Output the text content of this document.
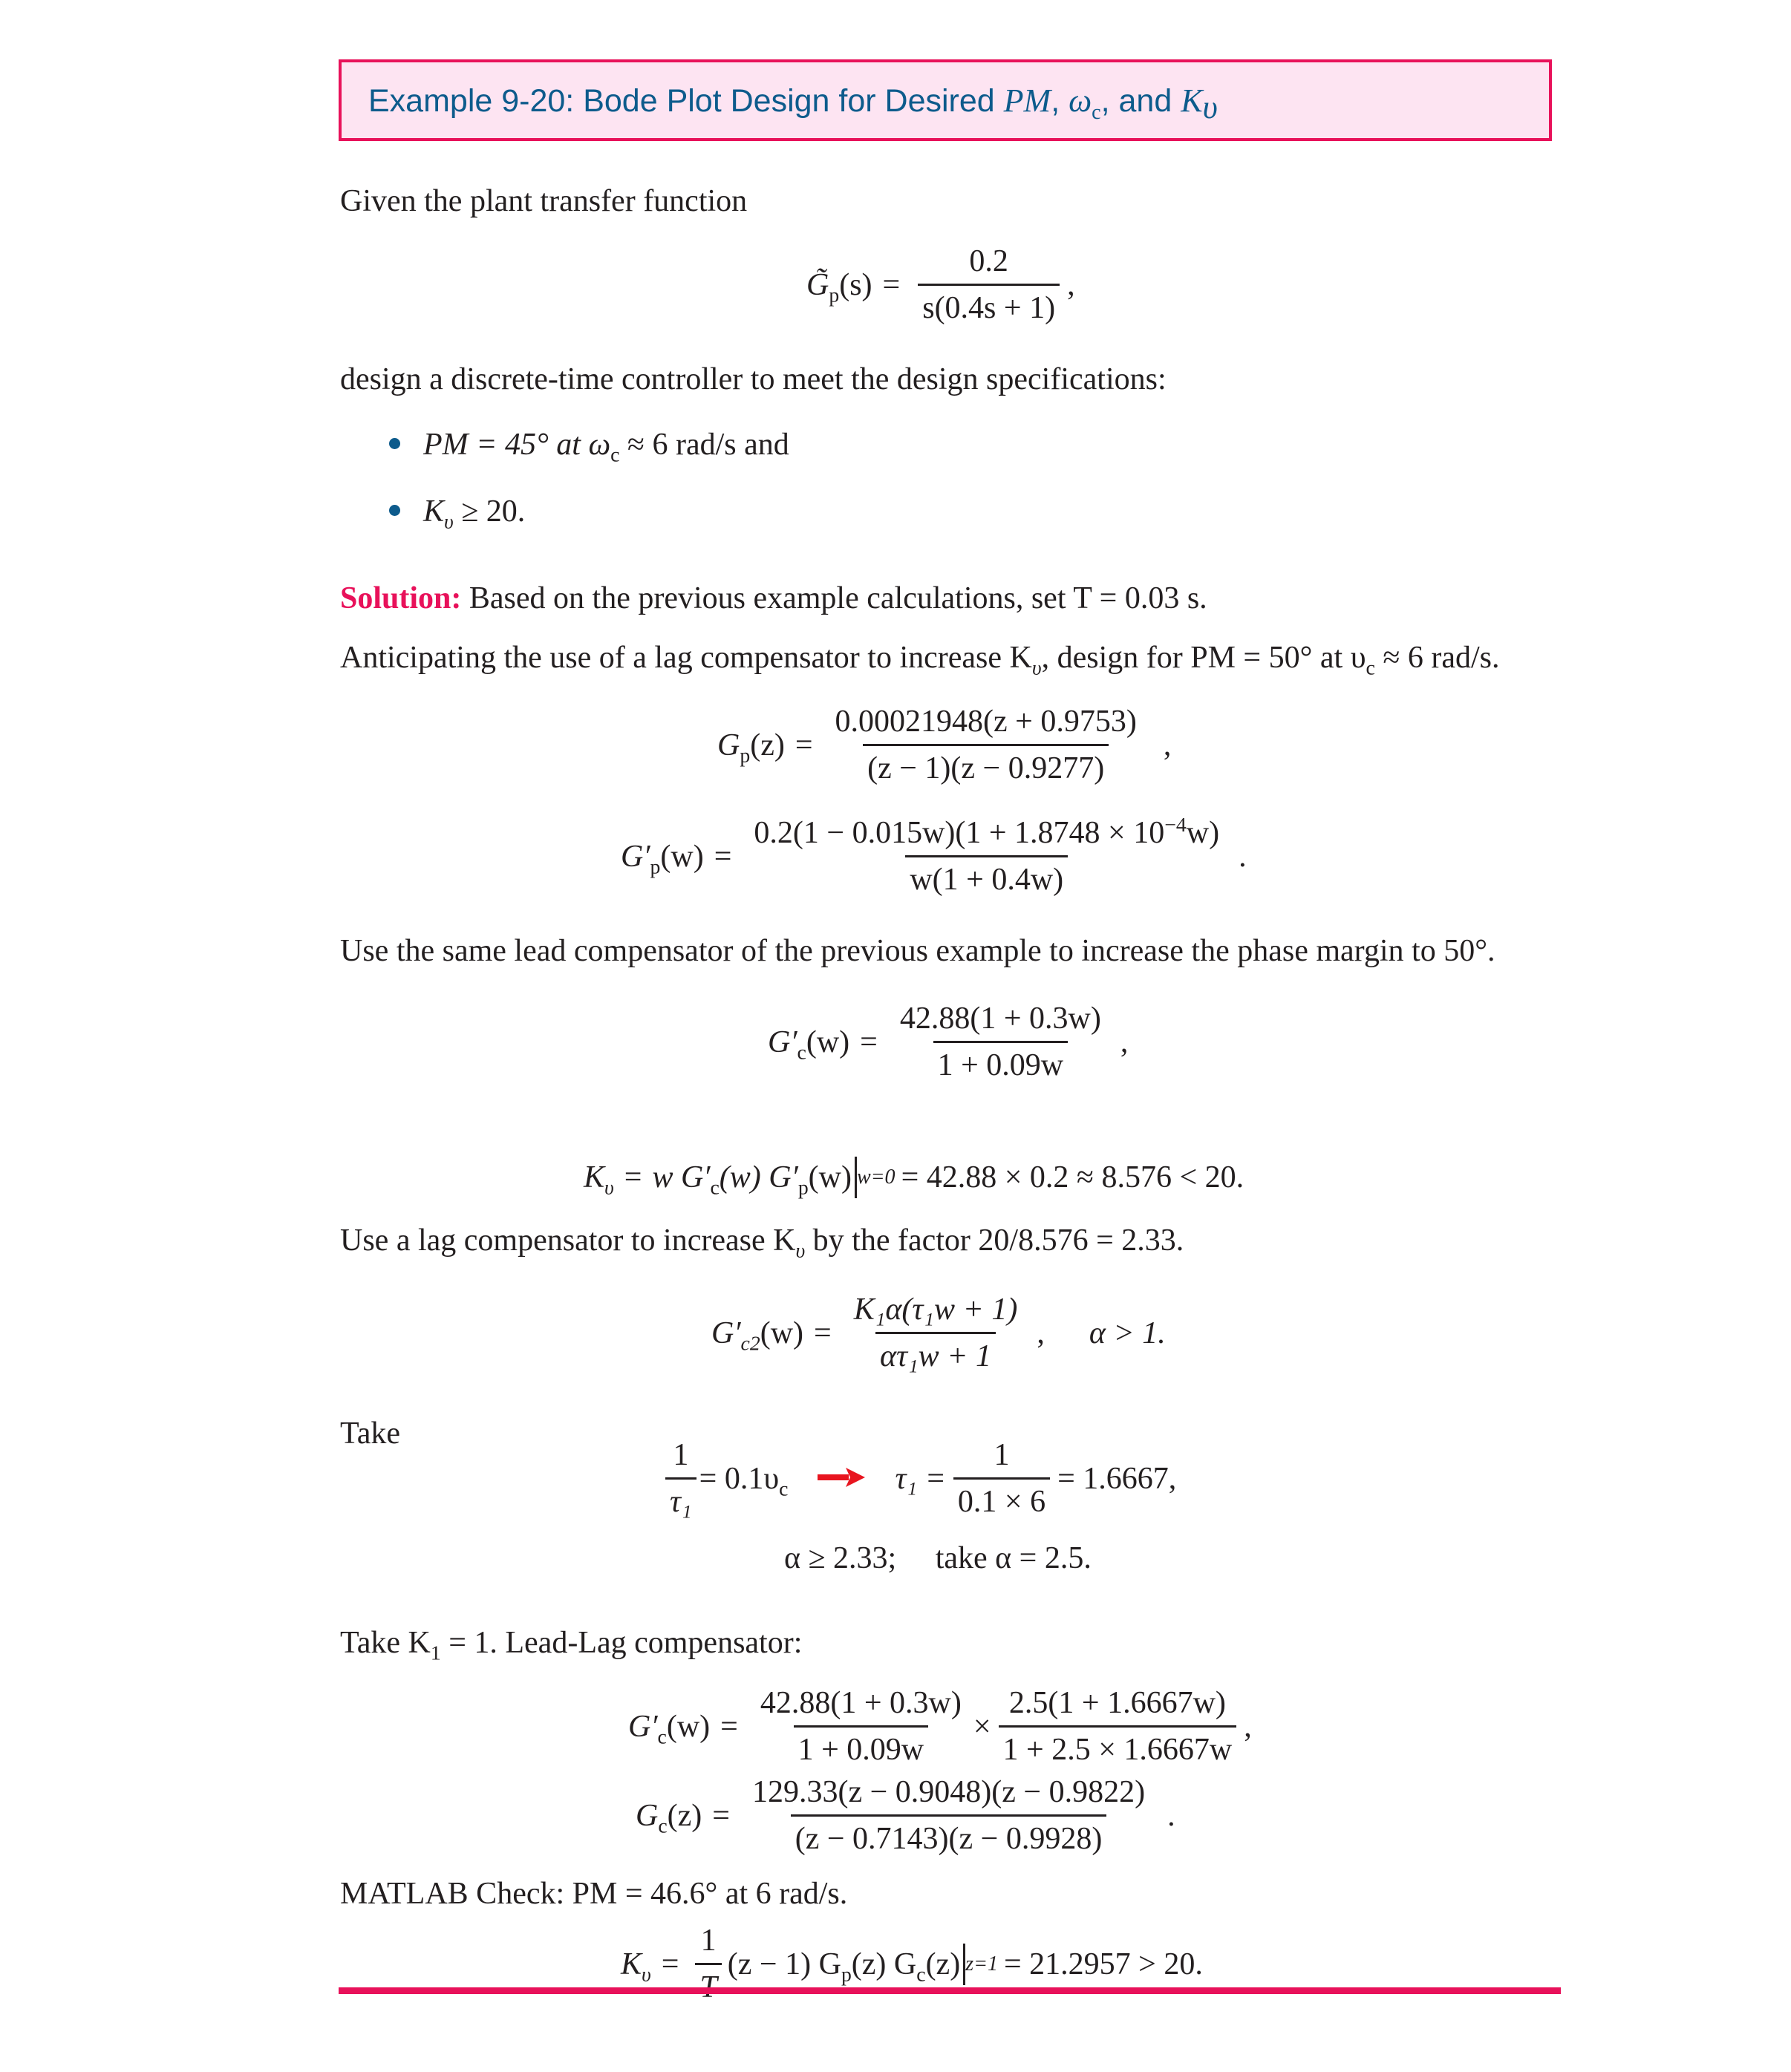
Example 9-20: Bode Plot Design for Desired PM, $\omega_c$, and $K_\upsilon$
Given the plant transfer function
$G̃_p(s) = \frac{0.2}{s(0.4s + 1)}$ ,
design a discrete-time controller to meet the design specifications:
PM = 45° at $\omega_c \approx 6$ rad/s and
$K_\upsilon \ge 20$.
Solution: Based on the previous example calculations, set T = 0.03 s.
Anticipating the use of a lag compensator to increase $K_\upsilon$, design for PM = 50° at $\upsilon_c \approx 6$ rad/s.
$G_p(z) = \frac{0.00021948(z + 0.9753)}{(z - 1)(z - 0.9277)}$ ,
$G'_p(w) = \frac{0.2(1 - 0.015w)(1 + 1.8748 \times 10^{-4}w)}{w(1 + 0.4w)}$ .
Use the same lead compensator of the previous example to increase the phase margin to 50°.
$G'_c(w) = \frac{42.88(1 + 0.3w)}{1 + 0.09w}$ ,
$K_\upsilon = w$ $G'_c(w)$ $G'_p(w) w=0 = 42.88 \times 0.2 \approx 8.576 < 20$.
Use a lag compensator to increase $K_\upsilon$ by the factor 20/8.576 = 2.33.
$G'_{c2}(w) = \frac{\text{K₁α(τ₁w + 1)}}{\text{ατ₁w + 1}}$ , α > 1.
Take
$\frac{1}{\text{τ₁}} = 0.1\upsilon_c$	$\tau_1 = \frac{1}{0.1 \times 6} = 1.6667$,
α ≥ 2.33;     take α = 2.5.
Take $K_1 = 1$. Lead-Lag compensator:
$G'_c(w) = \frac{42.88(1 + 0.3w)}{1 + 0.09w} \times \frac{2.5(1 + 1.6667w)}{1 + 2.5 \times 1.6667w}$ ,
$G_c(z) = \frac{129.33(z - 0.9048)(z - 0.9822)}{(z - 0.7143)(z - 0.9928)}$ .
MATLAB Check: PM = 46.6° at 6 rad/s.
$K_\upsilon$ =
1
(z − 1) $G_p(z)$ $G_c(z) z=1 = 21.2957 > 20$.
